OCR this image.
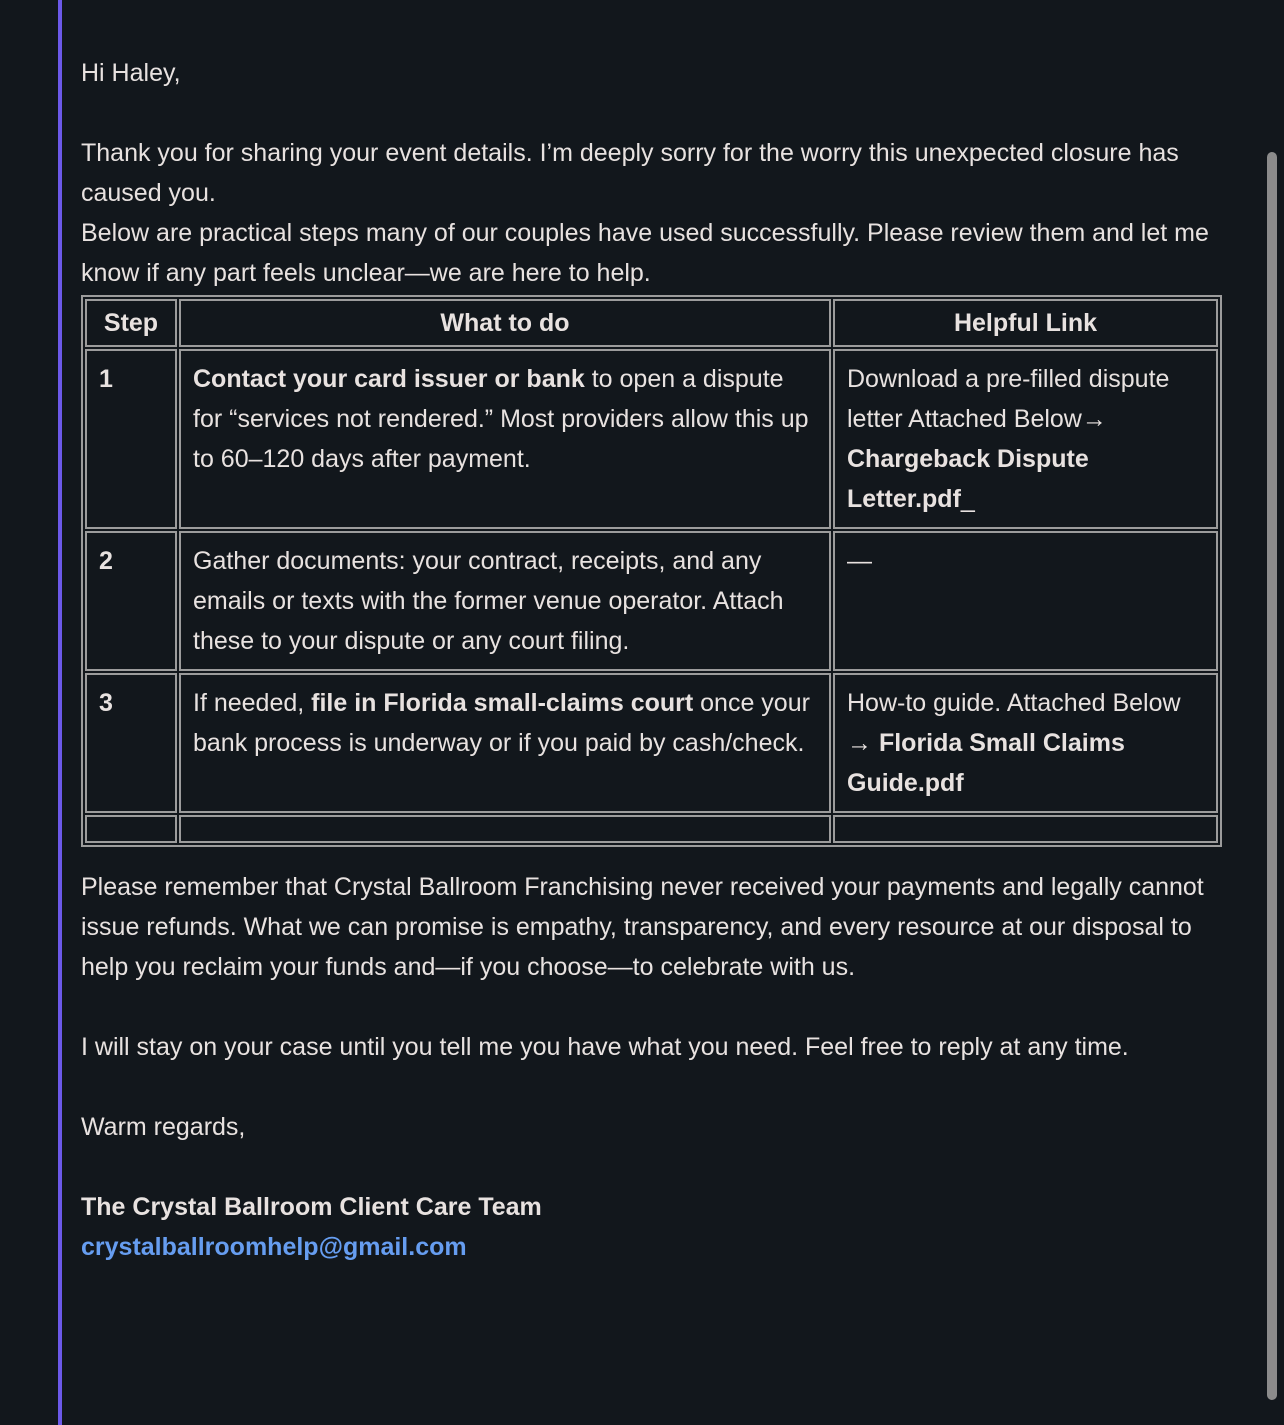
Hi Haley,
Thank you for sharing your event details. I’m deeply sorry for the worry this unexpected closure has caused you.
Below are practical steps many of our couples have used successfully. Please review them and let me know if any part feels unclear—we are here to help.
Step	What to do	Helpful Link
1	Contact your card issuer or bank to open a dispute for “services not rendered.” Most providers allow this up to 60–120 days after payment.	Download a pre-filled dispute letter Attached Below→ Chargeback Dispute Letter.pdf_
2	Gather documents: your contract, receipts, and any emails or texts with the former venue operator. Attach these to your dispute or any court filing.	—
3	If needed, file in Florida small-claims court once your bank process is underway or if you paid by cash/check.	How-to guide. Attached Below → Florida Small Claims Guide.pdf

Please remember that Crystal Ballroom Franchising never received your payments and legally cannot issue refunds. What we can promise is empathy, transparency, and every resource at our disposal to help you reclaim your funds and—if you choose—to celebrate with us.
I will stay on your case until you tell me you have what you need. Feel free to reply at any time.
Warm regards,
The Crystal Ballroom Client Care Team
crystalballroomhelp@gmail.com
